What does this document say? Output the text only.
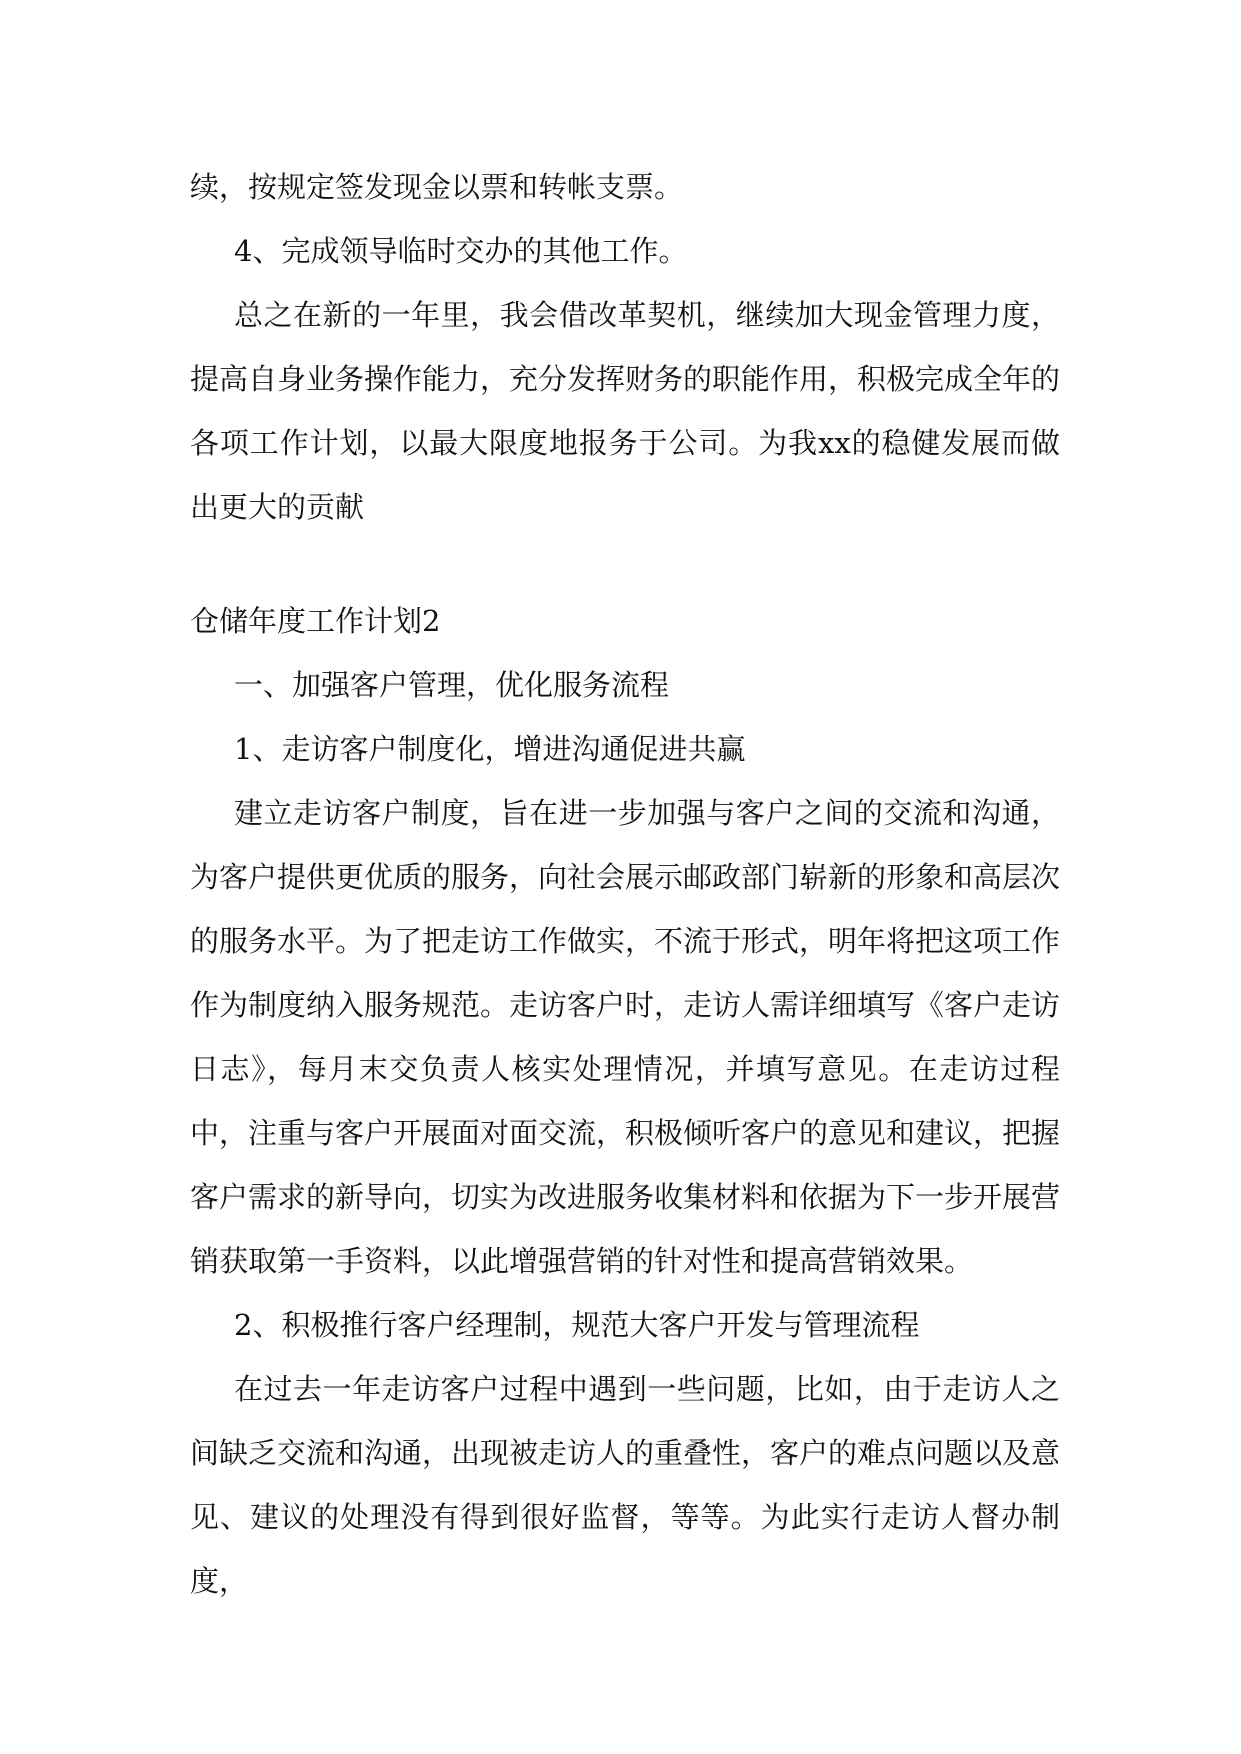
续，按规定签发现金以票和转帐支票。

4、完成领导临时交办的其他工作。

总之在新的一年里，我会借改革契机，继续加大现金管理力度，提高自身业务操作能力，充分发挥财务的职能作用，积极完成全年的各项工作计划，以最大限度地报务于公司。为我xx的稳健发展而做出更大的贡献

仓储年度工作计划2

一、加强客户管理，优化服务流程

1、走访客户制度化，增进沟通促进共赢

建立走访客户制度，旨在进一步加强与客户之间的交流和沟通，为客户提供更优质的服务，向社会展示邮政部门崭新的形象和高层次的服务水平。为了把走访工作做实，不流于形式，明年将把这项工作作为制度纳入服务规范。走访客户时，走访人需详细填写《客户走访日志》，每月末交负责人核实处理情况，并填写意见。在走访过程中，注重与客户开展面对面交流，积极倾听客户的意见和建议，把握客户需求的新导向，切实为改进服务收集材料和依据为下一步开展营销获取第一手资料，以此增强营销的针对性和提高营销效果。

2、积极推行客户经理制，规范大客户开发与管理流程

在过去一年走访客户过程中遇到一些问题，比如，由于走访人之间缺乏交流和沟通，出现被走访人的重叠性，客户的难点问题以及意见、建议的处理没有得到很好监督，等等。为此实行走访人督办制度，
